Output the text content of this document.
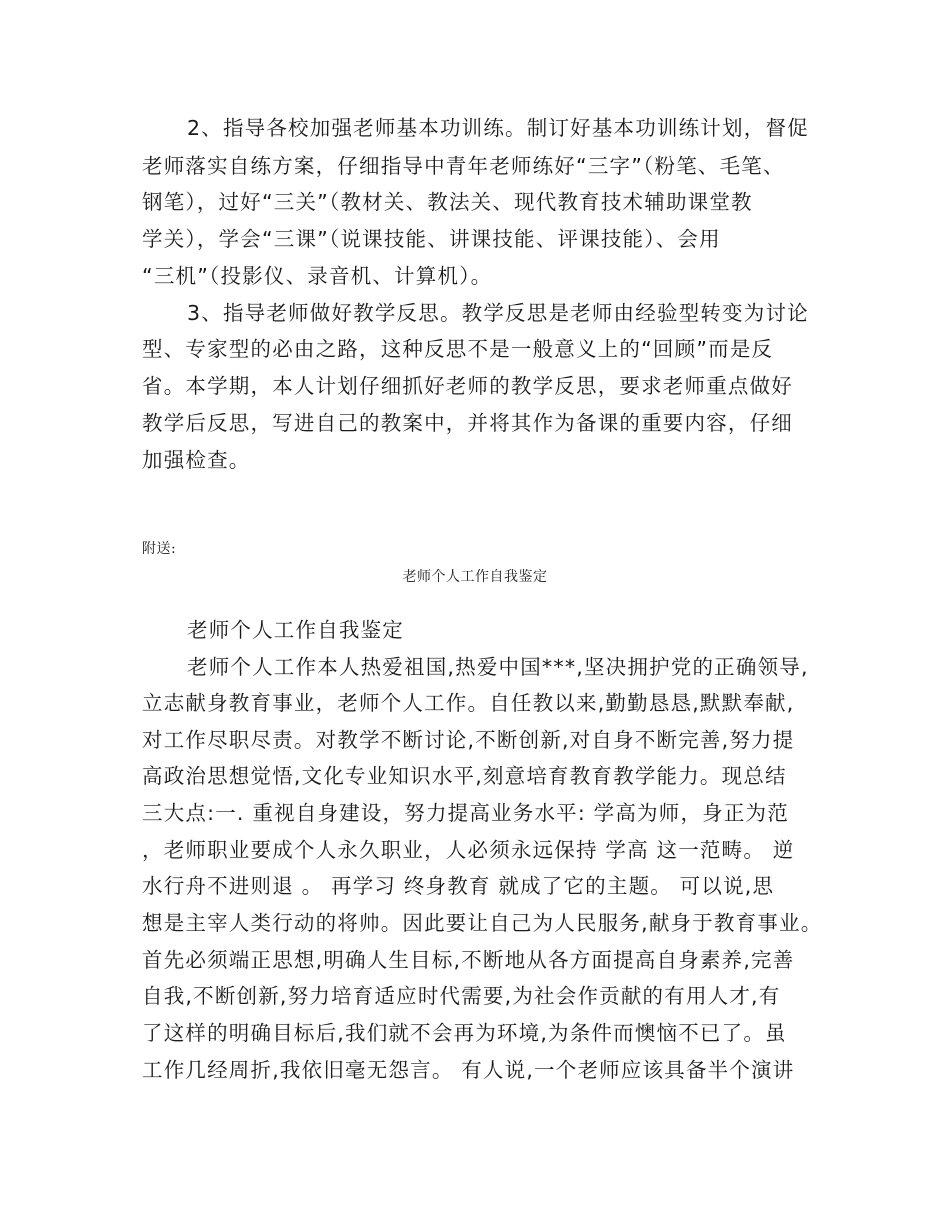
2、指导各校加强老师基本功训练。制订好基本功训练计划，督促
老师落实自练方案，仔细指导中青年老师练好“三字”（粉笔、毛笔、
钢笔），过好“三关”（教材关、教法关、现代教育技术辅助课堂教
学关），学会“三课”（说课技能、讲课技能、评课技能）、会用
“三机”（投影仪、录音机、计算机）。
3、指导老师做好教学反思。教学反思是老师由经验型转变为讨论
型、专家型的必由之路，这种反思不是一般意义上的“回顾”而是反
省。本学期，本人计划仔细抓好老师的教学反思，要求老师重点做好
教学后反思，写进自己的教案中，并将其作为备课的重要内容，仔细
加强检查。
附送:
老师个人工作自我鉴定
老师个人工作自我鉴定
老师个人工作本人热爱祖国,热爱中国***,坚决拥护党的正确领导,
立志献身教育事业，老师个人工作。自任教以来,勤勤恳恳,默默奉献,
对工作尽职尽责。对教学不断讨论,不断创新,对自身不断完善,努力提
高政治思想觉悟,文化专业知识水平,刻意培育教育教学能力。现总结
三大点:一. 重视自身建设，努力提高业务水平: 学高为师，身正为范
，老师职业要成个人永久职业，人必须永远保持 学高 这一范畴。 逆
水行舟不进则退 。 再学习 终身教育 就成了它的主题。 可以说,思
想是主宰人类行动的将帅。因此要让自己为人民服务,献身于教育事业。
首先必须端正思想,明确人生目标,不断地从各方面提高自身素养,完善
自我,不断创新,努力培育适应时代需要,为社会作贡献的有用人才,有
了这样的明确目标后,我们就不会再为环境,为条件而懊恼不已了。虽
工作几经周折,我依旧毫无怨言。 有人说,一个老师应该具备半个演讲
